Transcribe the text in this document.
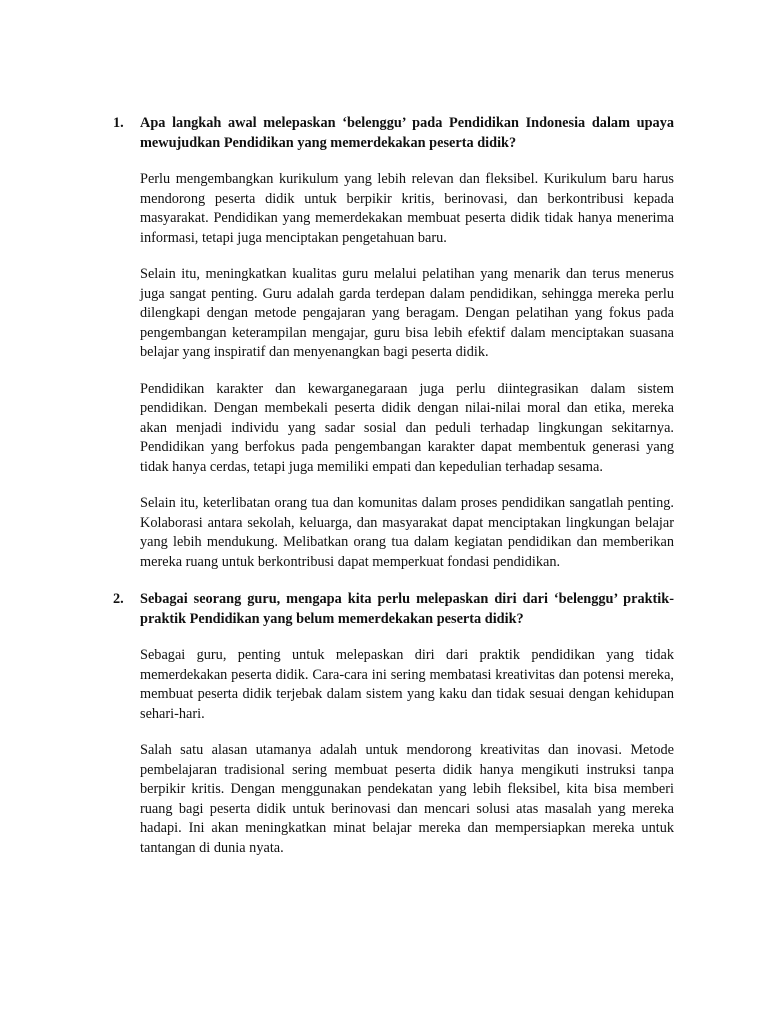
1.	Apa langkah awal melepaskan ‘belenggu’ pada Pendidikan Indonesia dalam upaya mewujudkan Pendidikan yang memerdekakan peserta didik?

Perlu mengembangkan kurikulum yang lebih relevan dan fleksibel. Kurikulum baru harus mendorong peserta didik untuk berpikir kritis, berinovasi, dan berkontribusi kepada masyarakat. Pendidikan yang memerdekakan membuat peserta didik tidak hanya menerima informasi, tetapi juga menciptakan pengetahuan baru.

Selain itu, meningkatkan kualitas guru melalui pelatihan yang menarik dan terus menerus juga sangat penting. Guru adalah garda terdepan dalam pendidikan, sehingga mereka perlu dilengkapi dengan metode pengajaran yang beragam. Dengan pelatihan yang fokus pada pengembangan keterampilan mengajar, guru bisa lebih efektif dalam menciptakan suasana belajar yang inspiratif dan menyenangkan bagi peserta didik.

Pendidikan karakter dan kewarganegaraan juga perlu diintegrasikan dalam sistem pendidikan. Dengan membekali peserta didik dengan nilai-nilai moral dan etika, mereka akan menjadi individu yang sadar sosial dan peduli terhadap lingkungan sekitarnya. Pendidikan yang berfokus pada pengembangan karakter dapat membentuk generasi yang tidak hanya cerdas, tetapi juga memiliki empati dan kepedulian terhadap sesama.

Selain itu, keterlibatan orang tua dan komunitas dalam proses pendidikan sangatlah penting. Kolaborasi antara sekolah, keluarga, dan masyarakat dapat menciptakan lingkungan belajar yang lebih mendukung. Melibatkan orang tua dalam kegiatan pendidikan dan memberikan mereka ruang untuk berkontribusi dapat memperkuat fondasi pendidikan.

2.	Sebagai seorang guru, mengapa kita perlu melepaskan diri dari ‘belenggu’ praktik-praktik Pendidikan yang belum memerdekakan peserta didik?

Sebagai guru, penting untuk melepaskan diri dari praktik pendidikan yang tidak memerdekakan peserta didik. Cara-cara ini sering membatasi kreativitas dan potensi mereka, membuat peserta didik terjebak dalam sistem yang kaku dan tidak sesuai dengan kehidupan sehari-hari.

Salah satu alasan utamanya adalah untuk mendorong kreativitas dan inovasi. Metode pembelajaran tradisional sering membuat peserta didik hanya mengikuti instruksi tanpa berpikir kritis. Dengan menggunakan pendekatan yang lebih fleksibel, kita bisa memberi ruang bagi peserta didik untuk berinovasi dan mencari solusi atas masalah yang mereka hadapi. Ini akan meningkatkan minat belajar mereka dan mempersiapkan mereka untuk tantangan di dunia nyata.
